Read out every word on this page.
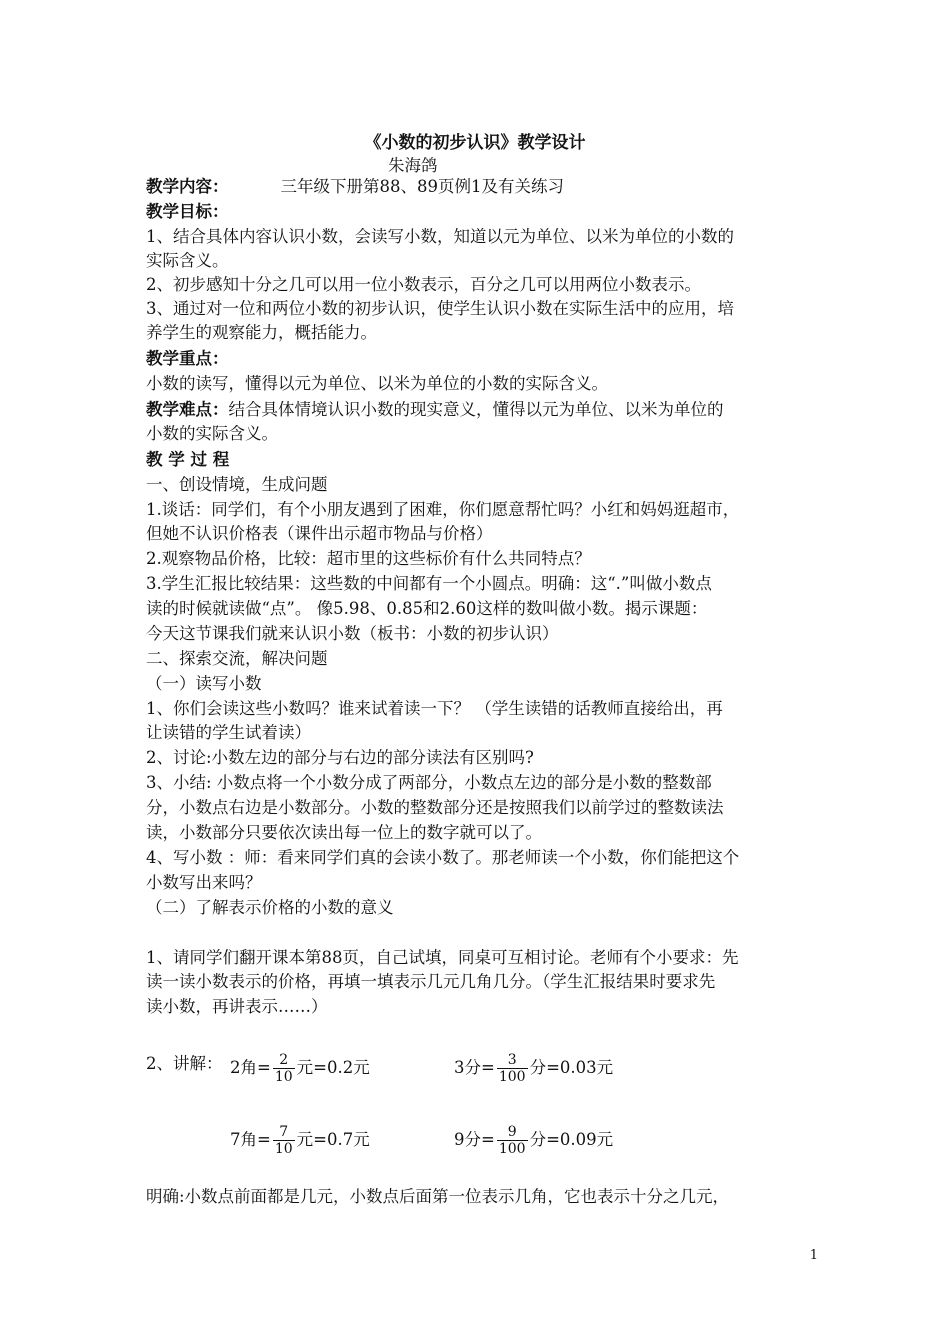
《小数的初步认识》教学设计
朱海鸽
教学内容：	三年级下册第88、89页例1及有关练习
教学目标：
1、结合具体内容认识小数，会读写小数，知道以元为单位、以米为单位的小数的
实际含义。
2、初步感知十分之几可以用一位小数表示，百分之几可以用两位小数表示。
3、通过对一位和两位小数的初步认识，使学生认识小数在实际生活中的应用，培
养学生的观察能力，概括能力。
教学重点：
小数的读写，懂得以元为单位、以米为单位的小数的实际含义。
教学难点：结合具体情境认识小数的现实意义，懂得以元为单位、以米为单位的
小数的实际含义。
教 学 过 程
一、创设情境，生成问题
1.谈话：同学们，有个小朋友遇到了困难，你们愿意帮忙吗？小红和妈妈逛超市，
但她不认识价格表（课件出示超市物品与价格）
2.观察物品价格，比较：超市里的这些标价有什么共同特点？
3.学生汇报比较结果：这些数的中间都有一个小圆点。明确：这“.”叫做小数点
读的时候就读做“点”。 像5.98、0.85和2.60这样的数叫做小数。揭示课题：
今天这节课我们就来认识小数（板书：小数的初步认识）
二、探索交流，解决问题
（一）读写小数
1、你们会读这些小数吗？谁来试着读一下？ （学生读错的话教师直接给出，再
让读错的学生试着读）
2、讨论:小数左边的部分与右边的部分读法有区别吗?
3、小结: 小数点将一个小数分成了两部分，小数点左边的部分是小数的整数部
分，小数点右边是小数部分。小数的整数部分还是按照我们以前学过的整数读法
读，小数部分只要依次读出每一位上的数字就可以了。
4、写小数 ：师：看来同学们真的会读小数了。那老师读一个小数，你们能把这个
小数写出来吗？
（二）了解表示价格的小数的意义
1、请同学们翻开课本第88页，自己试填，同桌可互相讨论。老师有个小要求：先
读一读小数表示的价格，再填一填表示几元几角几分。（学生汇报结果时要求先
读小数，再讲表示……）
2、讲解： 2角= $\frac{2}{10}$ 元=0.2元	3分= $\frac{3}{100}$ 分=0.03元
7角= $\frac{7}{10}$ 元=0.7元	9分= $\frac{9}{100}$ 分=0.09元
明确:小数点前面都是几元，小数点后面第一位表示几角，它也表示十分之几元，
1
